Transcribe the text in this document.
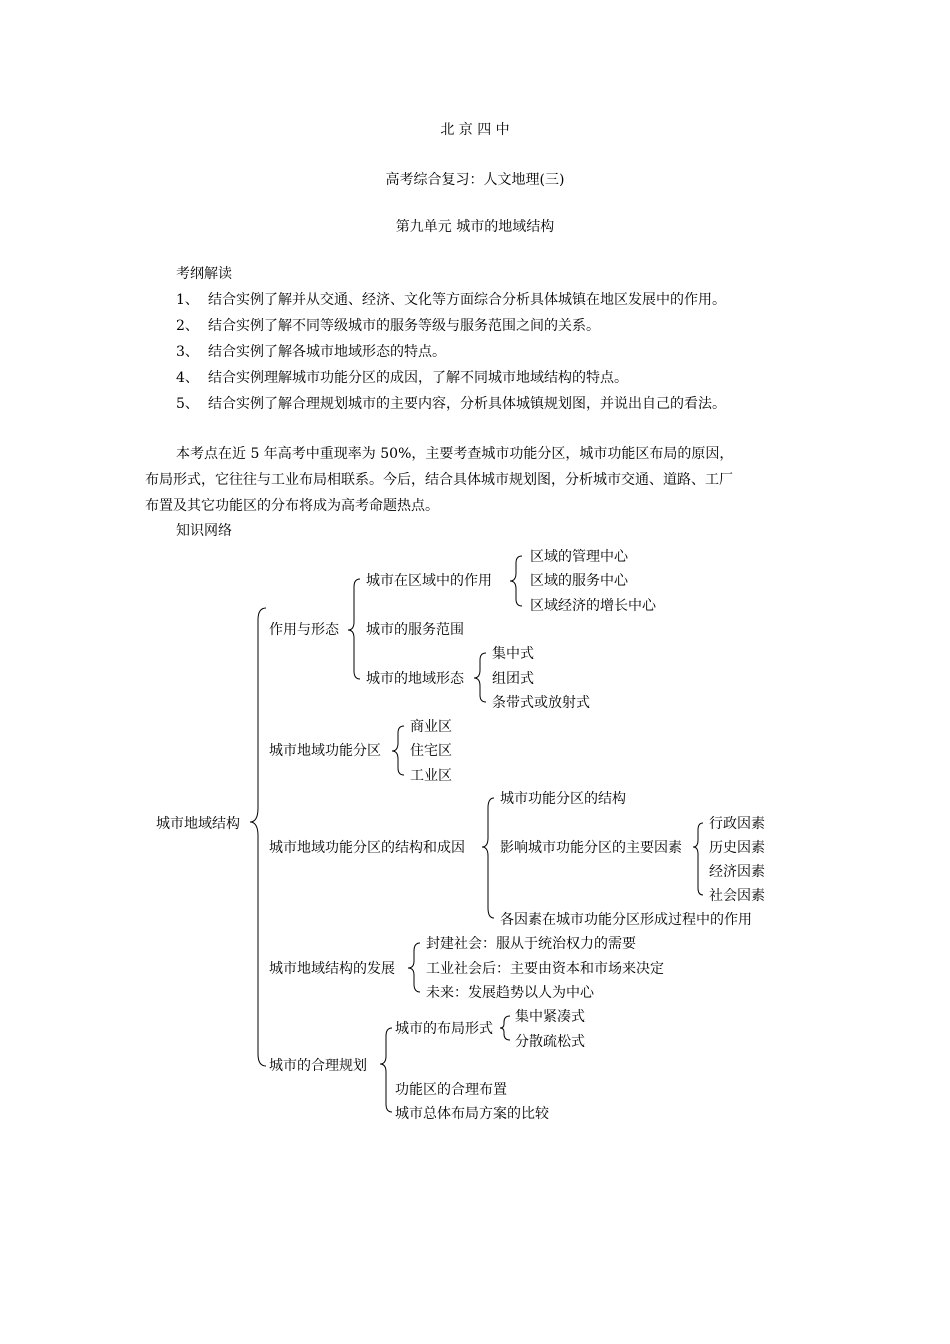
北 京 四 中
高考综合复习：人文地理(三)
第九单元 城市的地域结构
考纲解读
1、 结合实例了解并从交通、经济、文化等方面综合分析具体城镇在地区发展中的作用。
2、 结合实例了解不同等级城市的服务等级与服务范围之间的关系。
3、 结合实例了解各城市地域形态的特点。
4、 结合实例理解城市功能分区的成因，了解不同城市地域结构的特点。
5、 结合实例了解合理规划城市的主要内容，分析具体城镇规划图，并说出自己的看法。
本考点在近 5 年高考中重现率为 50%，主要考查城市功能分区，城市功能区布局的原因，
布局形式，它往往与工业布局相联系。今后，结合具体城市规划图，分析城市交通、道路、工厂
布置及其它功能区的分布将成为高考命题热点。
知识网络
城市地域结构
作用与形态
城市在区域中的作用
区域的管理中心
区域的服务中心
区域经济的增长中心
城市的服务范围
城市的地域形态
集中式
组团式
条带式或放射式
城市地域功能分区
商业区
住宅区
工业区
城市地域功能分区的结构和成因
城市功能分区的结构
影响城市功能分区的主要因素
行政因素
历史因素
经济因素
社会因素
各因素在城市功能分区形成过程中的作用
城市地域结构的发展
封建社会：服从于统治权力的需要
工业社会后：主要由资本和市场来决定
未来：发展趋势以人为中心
城市的合理规划
城市的布局形式
集中紧凑式
分散疏松式
功能区的合理布置
城市总体布局方案的比较
